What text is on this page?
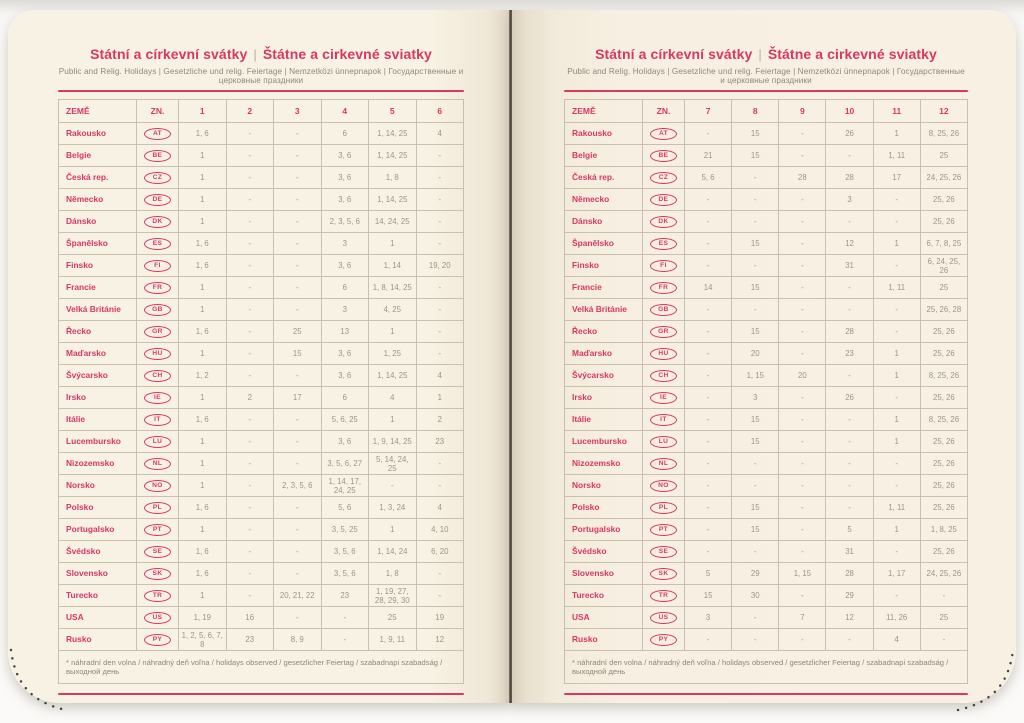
Státní a církevní svátky | Štátne a cirkevné sviatky
Public and Relig. Holidays | Gesetzliche und relig. Feiertage | Nemzetközi ünnepnapok | Государственные и церковные праздники
ZEMĚ	ZN.	1	2	3	4	5	6
Rakousko	AT	1, 6	-	-	6	1, 14, 25	4
Belgie	BE	1	-	-	3, 6	1, 14, 25	-
Česká rep.	CZ	1	-	-	3, 6	1, 8	-
Německo	DE	1	-	-	3, 6	1, 14, 25	-
Dánsko	DK	1	-	-	2, 3, 5, 6	14, 24, 25	-
Španělsko	ES	1, 6	-	-	3	1	-
Finsko	FI	1, 6	-	-	3, 6	1, 14	19, 20
Francie	FR	1	-	-	6	1, 8, 14, 25	-
Velká Británie	GB	1	-	-	3	4, 25	-
Řecko	GR	1, 6	-	25	13	1	-
Maďarsko	HU	1	-	15	3, 6	1, 25	-
Švýcarsko	CH	1, 2	-	-	3, 6	1, 14, 25	4
Irsko	IE	1	2	17	6	4	1
Itálie	IT	1, 6	-	-	5, 6, 25	1	2
Lucembursko	LU	1	-	-	3, 6	1, 9, 14, 25	23
Nizozemsko	NL	1	-	-	3, 5, 6, 27	5, 14, 24, 25	-
Norsko	NO	1	-	2, 3, 5, 6	1, 14, 17, 24, 25	-	-
Polsko	PL	1, 6	-	-	5, 6	1, 3, 24	4
Portugalsko	PT	1	-	-	3, 5, 25	1	4, 10
Švédsko	SE	1, 6	-	-	3, 5, 6	1, 14, 24	6, 20
Slovensko	SK	1, 6	-	-	3, 5, 6	1, 8	-
Turecko	TR	1	-	20, 21, 22	23	1, 19, 27, 28, 29, 30	-
USA	US	1, 19	16	-	-	25	19
Rusko	PY	1, 2, 5, 6, 7, 8	23	8, 9	-	1, 9, 11	12
* náhradní den volna / náhradný deň voľna / holidays observed / gesetzlicher Feiertag / szabadnapi szabadság / выходной день							
Státní a církevní svátky | Štátne a cirkevné sviatky
Public and Relig. Holidays | Gesetzliche und relig. Feiertage | Nemzetközi ünnepnapok | Государственные и церковные праздники
ZEMĚ	ZN.	7	8	9	10	11	12
Rakousko	AT	-	15	-	26	1	8, 25, 26
Belgie	BE	21	15	-	-	1, 11	25
Česká rep.	CZ	5, 6	-	28	28	17	24, 25, 26
Německo	DE	-	-	-	3	-	25, 26
Dánsko	DK	-	-	-	-	-	25, 26
Španělsko	ES	-	15	-	12	1	6, 7, 8, 25
Finsko	FI	-	-	-	31	-	6, 24, 25, 26
Francie	FR	14	15	-	-	1, 11	25
Velká Británie	GB	-	-	-	-	-	25, 26, 28
Řecko	GR	-	15	-	28	-	25, 26
Maďarsko	HU	-	20	-	23	1	25, 26
Švýcarsko	CH	-	1, 15	20	-	1	8, 25, 26
Irsko	IE	-	3	-	26	-	25, 26
Itálie	IT	-	15	-	-	1	8, 25, 26
Lucembursko	LU	-	15	-	-	1	25, 26
Nizozemsko	NL	-	-	-	-	-	25, 26
Norsko	NO	-	-	-	-	-	25, 26
Polsko	PL	-	15	-	-	1, 11	25, 26
Portugalsko	PT	-	15	-	5	1	1, 8, 25
Švédsko	SE	-	-	-	31	-	25, 26
Slovensko	SK	5	29	1, 15	28	1, 17	24, 25, 26
Turecko	TR	15	30	-	29	-	-
USA	US	3	-	7	12	11, 26	25
Rusko	PY	-	-	-	-	4	-
* náhradní den volna / náhradný deň voľna / holidays observed / gesetzlicher Feiertag / szabadnapi szabadság / выходной день							
